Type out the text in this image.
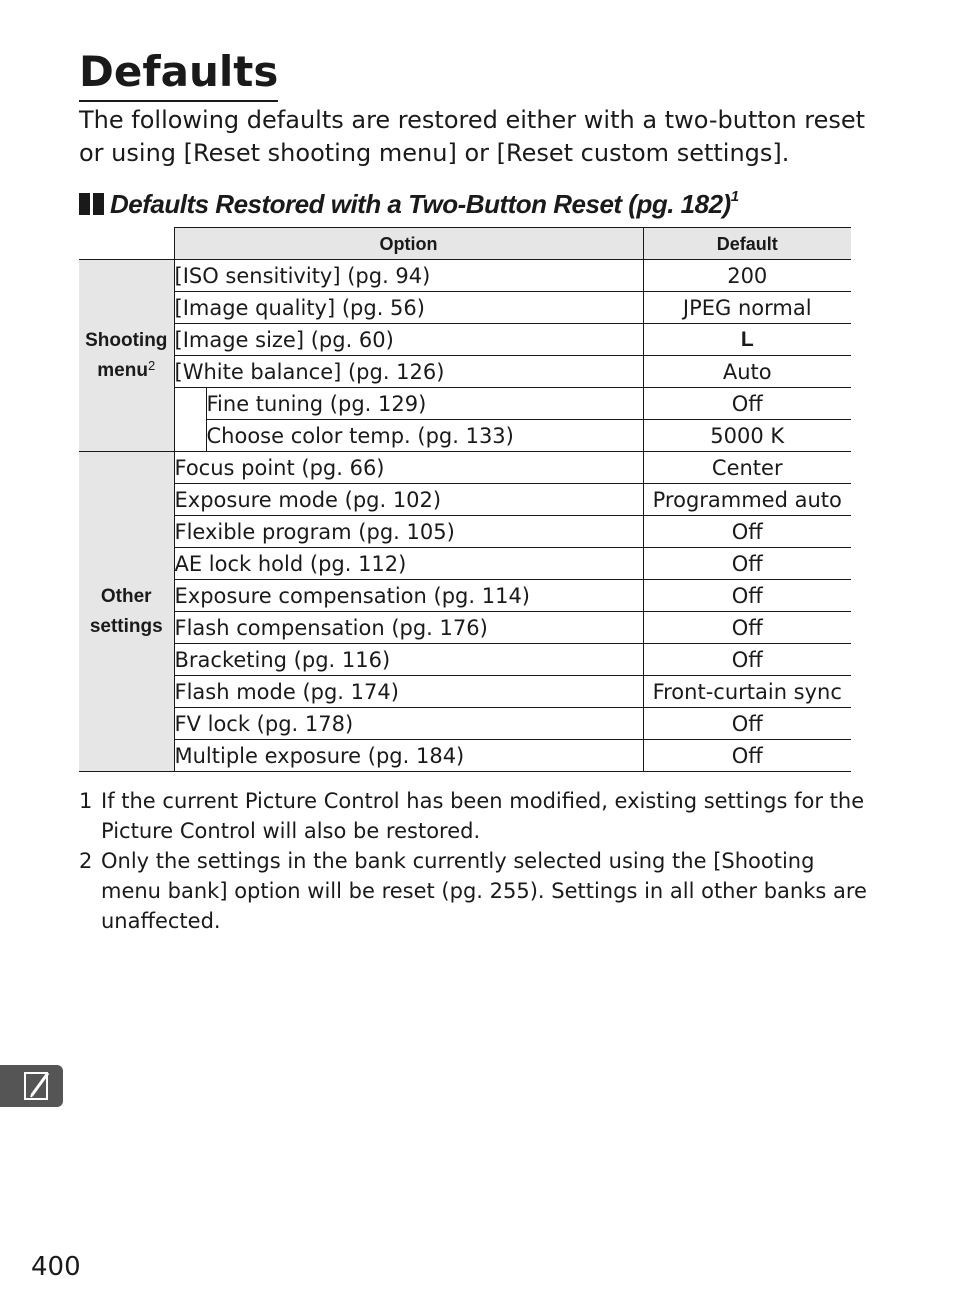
Defaults

The following defaults are restored either with a two-button reset or using [Reset shooting menu] or [Reset custom settings].

Defaults Restored with a Two-Button Reset (pg. 182)$^1$
	Option		Default
Shooting
menu$^2$	[ISO sensitivity] (pg. 94)		200
	[Image quality] (pg. 56)		JPEG normal
	[Image size] (pg. 60)		L
	[White balance] (pg. 126)		Auto
		Fine tuning (pg. 129)	Off
		Choose color temp. (pg. 133)	5000 K
Other
settings	Focus point (pg. 66)		Center
	Exposure mode (pg. 102)		Programmed auto
	Flexible program (pg. 105)		Off
	AE lock hold (pg. 112)		Off
	Exposure compensation (pg. 114)		Off
	Flash compensation (pg. 176)		Off
	Bracketing (pg. 116)		Off
	Flash mode (pg. 174)		Front-curtain sync
	FV lock (pg. 178)		Off
	Multiple exposure (pg. 184)		Off
1 If the current Picture Control has been modified, existing settings for the Picture Control will also be restored.
2 Only the settings in the bank currently selected using the [Shooting menu bank] option will be reset (pg. 255). Settings in all other banks are unaffected.
400
